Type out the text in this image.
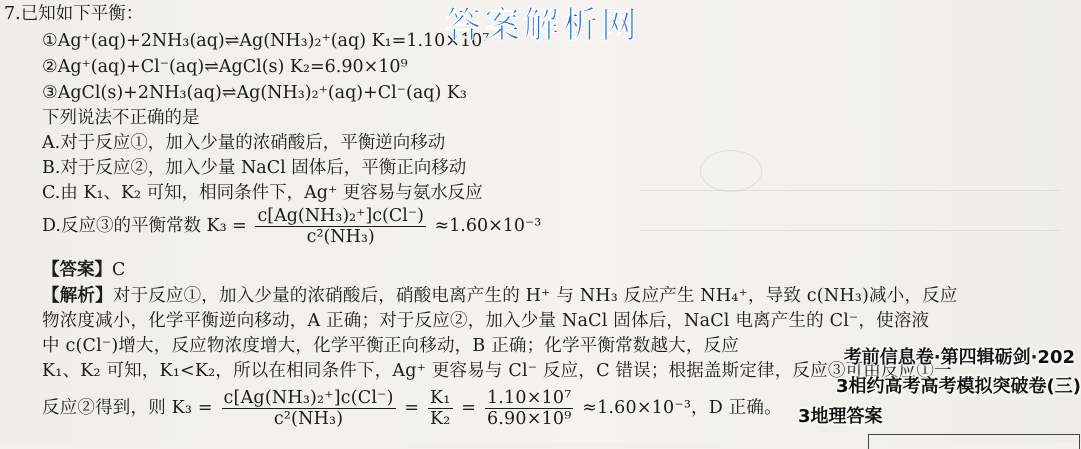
7.已知如下平衡：
①Ag⁺(aq)+2NH₃(aq)⇌Ag(NH₃)₂⁺(aq) K₁=1.10×10⁷
②Ag⁺(aq)+Cl⁻(aq)⇌AgCl(s) K₂=6.90×10⁹
③AgCl(s)+2NH₃(aq)⇌Ag(NH₃)₂⁺(aq)+Cl⁻(aq) K₃
下列说法不正确的是
A.对于反应①，加入少量的浓硝酸后，平衡逆向移动
B.对于反应②，加入少量 NaCl 固体后，平衡正向移动
C.由 K₁、K₂ 可知，相同条件下，Ag⁺ 更容易与氨水反应
D.反应③的平衡常数 $K_3 = \frac{\text{c[Ag(NH₃)₂⁺]c(Cl⁻)}}{\text{c²(NH₃)}} \approx 1.60\times 10^{-3}$
【答案】C
【解析】对于反应①，加入少量的浓硝酸后，硝酸电离产生的 H⁺ 与 NH₃ 反应产生 NH₄⁺，导致 c(NH₃)减小，反应
物浓度减小，化学平衡逆向移动，A 正确；对于反应②，加入少量 NaCl 固体后，NaCl 电离产生的 Cl⁻，使溶液
中 c(Cl⁻)增大，反应物浓度增大，化学平衡正向移动，B 正确；化学平衡常数越大，反应
K₁、K₂ 可知，K₁<K₂，所以在相同条件下，Ag⁺ 更容易与 Cl⁻ 反应，C 错误；根据盖斯定律，反应③可由反应①一
反应②得到，则 $K_3 = \frac{\text{c[Ag(NH₃)₂⁺]c(Cl⁻)}}{\text{c²(NH₃)}} = \frac{\text{K₁}}{\text{K₂}} = \frac{\text{1.10×10⁷}}{\text{6.90×10⁹}} \approx 1.60\times 10^{-3}$，D 正确。
答案解析网
考前信息卷·第四辑砺剑·202
3相约高考高考模拟突破卷(三)
3地理答案
